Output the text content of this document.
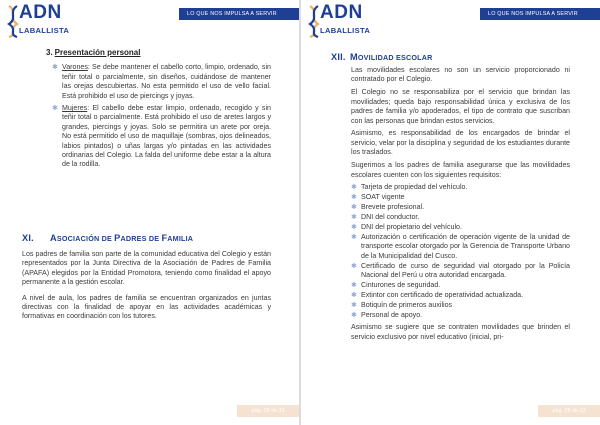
ADN
LABALLISTA
LO QUE NOS IMPULSA A SERVIR
3. Presentación personal
✱ Varones: Se debe mantener el cabello corto, limpio, ordenado, sin teñir total o parcialmente, sin diseños, cuidándose de mantener las orejas descubiertas. No esta permitido el uso de vello facial. Está prohibido el uso de piercings y joyas.
✱ Mujeres: El cabello debe estar limpio, ordenado, recogido y sin teñir total o parcialmente. Está prohibido el uso de aretes largos y grandes, piercings y joyas. Solo se permitira un arete por oreja. No está permitido el uso de maquillaje (sombras, ojos delineados, labios pintados) o uñas largas y/o pintadas en las actividades ordinarias del Colegio. La falda del uniforme debe estar a la altura de la rodilla.
XI. ASOCIACIÓN DE PADRES DE FAMILIA

Los padres de familia son parte de la comunidad educativa del Colegio y están representados por la Junta Directiva de la Asociación de Padres de Familia (APAFA) elegidos por la Entidad Promotora, teniendo como finalidad el apoyo permanente a la gestión escolar.

A nivel de aula, los padres de familia se encuentran organizados en juntas directivas con la finalidad de apoyar en las actividades académicas y formativas en coordinación con los tutores.

pág. 28 de 33
ADN
LABALLISTA
LO QUE NOS IMPULSA A SERVIR
XII. MOVILIDAD ESCOLAR

Las movilidades escolares no son un servicio proporcionado ni contratado por el Colegio.

El Colegio no se responsabiliza por el servicio que brindan las movilidades; queda bajo responsabilidad única y exclusiva de los padres de familia y/o apoderados, el tipo de contrato que suscriban con las personas que brindan estos servicios.

Asimismo, es responsabilidad de los encargados de brindar el servicio, velar por la disciplina y seguridad de los estudiantes durante los traslados.

Sugerimos a los padres de familia asegurarse que las movilidades escolares cuenten con los siguientes requisitos:

✱ Tarjeta de propiedad del vehículo.
✱ SOAT vigente
✱ Brevete profesional.
✱ DNI del conductor.
✱ DNI del propietario del vehículo.
✱ Autorización o certificación de operación vigente de la unidad de transporte escolar otorgado por la Gerencia de Transporte Urbano de la Municipalidad del Cusco.
✱ Certificado de curso de seguridad vial otorgado por la Policía Nacional del Perú u otra autoridad encargada.
✱ Cinturones de seguridad.
✱ Extintor con certificado de operatividad actualizada.
✱ Botiquín de primeros auxilios
✱ Personal de apoyo.

Asimismo se sugiere que se contraten movilidades que brinden el servicio exclusivo por nivel educativo (inicial, pri-

pág. 29 de 33
